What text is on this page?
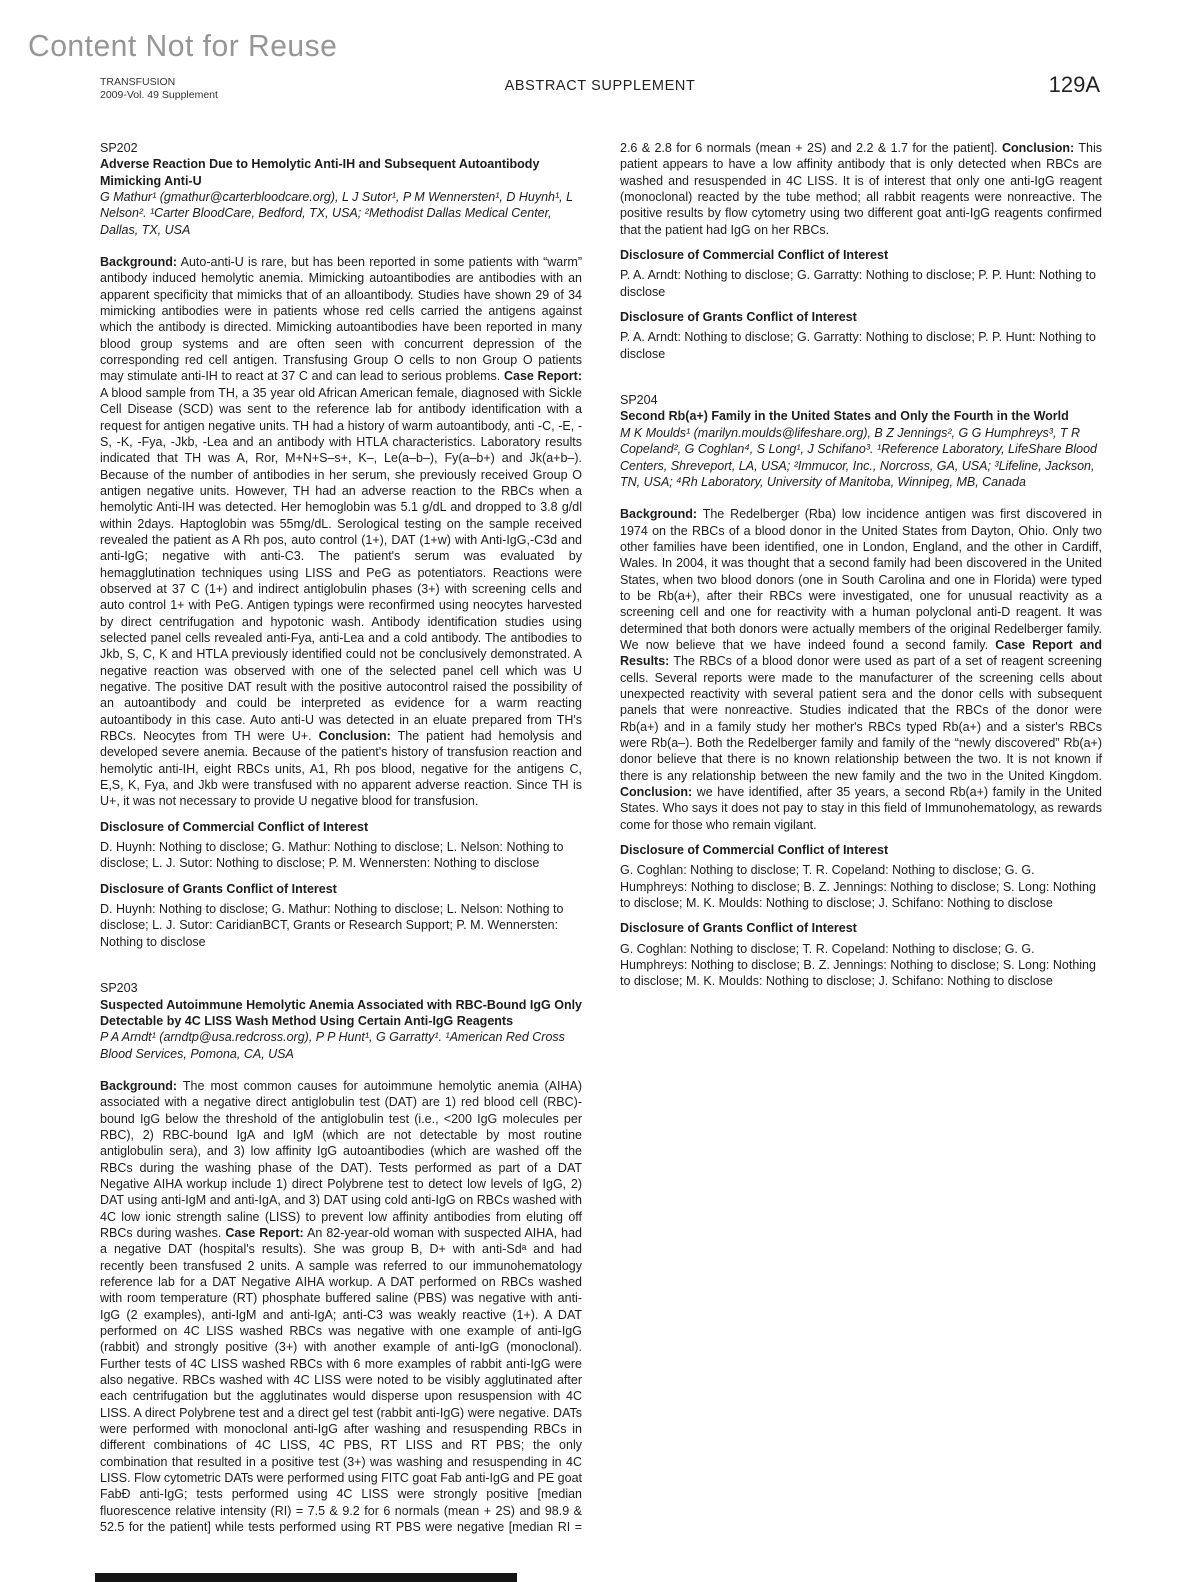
Content Not for Reuse
TRANSFUSION
2009-Vol. 49 Supplement
ABSTRACT SUPPLEMENT	129A
SP202
Adverse Reaction Due to Hemolytic Anti-IH and Subsequent Autoantibody Mimicking Anti-U

G Mathur¹ (gmathur@carterbloodcare.org), L J Sutor¹, P M Wennersten¹, D Huynh¹, L Nelson². ¹Carter BloodCare, Bedford, TX, USA; ²Methodist Dallas Medical Center, Dallas, TX, USA

Background: Auto-anti-U is rare, but has been reported in some patients with “warm” antibody induced hemolytic anemia. Mimicking autoantibodies are antibodies with an apparent specificity that mimicks that of an alloantibody. Studies have shown 29 of 34 mimicking antibodies were in patients whose red cells carried the antigens against which the antibody is directed. Mimicking autoantibodies have been reported in many blood group systems and are often seen with concurrent depression of the corresponding red cell antigen. Transfusing Group O cells to non Group O patients may stimulate anti-IH to react at 37 C and can lead to serious problems. Case Report: A blood sample from TH, a 35 year old African American female, diagnosed with Sickle Cell Disease (SCD) was sent to the reference lab for antibody identification with a request for antigen negative units. TH had a history of warm autoantibody, anti -C, -E, -S, -K, -Fya, -Jkb, -Lea and an antibody with HTLA characteristics. Laboratory results indicated that TH was A, Ror, M+N+S–s+, K–, Le(a–b–), Fy(a–b+) and Jk(a+b–). Because of the number of antibodies in her serum, she previously received Group O antigen negative units. However, TH had an adverse reaction to the RBCs when a hemolytic Anti-IH was detected. Her hemoglobin was 5.1 g/dL and dropped to 3.8 g/dl within 2days. Haptoglobin was 55mg/dL. Serological testing on the sample received revealed the patient as A Rh pos, auto control (1+), DAT (1+w) with Anti-IgG,-C3d and anti-IgG; negative with anti-C3. The patient's serum was evaluated by hemagglutination techniques using LISS and PeG as potentiators. Reactions were observed at 37 C (1+) and indirect antiglobulin phases (3+) with screening cells and auto control 1+ with PeG. Antigen typings were reconfirmed using neocytes harvested by direct centrifugation and hypotonic wash. Antibody identification studies using selected panel cells revealed anti-Fya, anti-Lea and a cold antibody. The antibodies to Jkb, S, C, K and HTLA previously identified could not be conclusively demonstrated. A negative reaction was observed with one of the selected panel cell which was U negative. The positive DAT result with the positive autocontrol raised the possibility of an autoantibody and could be interpreted as evidence for a warm reacting autoantibody in this case. Auto anti-U was detected in an eluate prepared from TH's RBCs. Neocytes from TH were U+. Conclusion: The patient had hemolysis and developed severe anemia. Because of the patient's history of transfusion reaction and hemolytic anti-IH, eight RBCs units, A1, Rh pos blood, negative for the antigens C, E,S, K, Fya, and Jkb were transfused with no apparent adverse reaction. Since TH is U+, it was not necessary to provide U negative blood for transfusion.

Disclosure of Commercial Conflict of Interest

D. Huynh: Nothing to disclose; G. Mathur: Nothing to disclose; L. Nelson: Nothing to disclose; L. J. Sutor: Nothing to disclose; P. M. Wennersten: Nothing to disclose

Disclosure of Grants Conflict of Interest

D. Huynh: Nothing to disclose; G. Mathur: Nothing to disclose; L. Nelson: Nothing to disclose; L. J. Sutor: CaridianBCT, Grants or Research Support; P. M. Wennersten: Nothing to disclose

SP203
Suspected Autoimmune Hemolytic Anemia Associated with RBC-Bound IgG Only Detectable by 4C LISS Wash Method Using Certain Anti-IgG Reagents

P A Arndt¹ (arndtp@usa.redcross.org), P P Hunt¹, G Garratty¹. ¹American Red Cross Blood Services, Pomona, CA, USA

Background: The most common causes for autoimmune hemolytic anemia (AIHA) associated with a negative direct antiglobulin test (DAT) are 1) red blood cell (RBC)-bound IgG below the threshold of the antiglobulin test (i.e., <200 IgG molecules per RBC), 2) RBC-bound IgA and IgM (which are not detectable by most routine antiglobulin sera), and 3) low affinity IgG autoantibodies (which are washed off the RBCs during the washing phase of the DAT). Tests performed as part of a DAT Negative AIHA workup include 1) direct Polybrene test to detect low levels of IgG, 2) DAT using anti-IgM and anti-IgA, and 3) DAT using cold anti-IgG on RBCs washed with 4C low ionic strength saline (LISS) to prevent low affinity antibodies from eluting off RBCs during washes. Case Report: An 82-year-old woman with suspected AIHA, had a negative DAT (hospital's results). She was group B, D+ with anti-Sdᵃ and had recently been transfused 2 units. A sample was referred to our immunohematology reference lab for a DAT Negative AIHA workup. A DAT performed on RBCs washed with room temperature (RT) phosphate buffered saline (PBS) was negative with anti-IgG (2 examples), anti-IgM and anti-IgA; anti-C3 was weakly reactive (1+). A DAT performed on 4C LISS washed RBCs was negative with one example of anti-IgG (rabbit) and strongly positive (3+) with another example of anti-IgG (monoclonal). Further tests of 4C LISS washed RBCs with 6 more examples of rabbit anti-IgG were also negative. RBCs washed with 4C LISS were noted to be visibly agglutinated after each centrifugation but the agglutinates would disperse upon resuspension with 4C LISS. A direct Polybrene test and a direct gel test (rabbit anti-IgG) were negative. DATs were performed with monoclonal anti-IgG after washing and resuspending RBCs in different combinations of 4C LISS, 4C PBS, RT LISS and RT PBS; the only combination that resulted in a positive test (3+) was washing and resuspending in 4C LISS. Flow cytometric DATs were performed using FITC goat Fab anti-IgG and PE goat FabÐ anti-IgG; tests performed using 4C LISS were strongly positive [median fluorescence relative intensity (RI) = 7.5 & 9.2 for 6 normals (mean + 2S) and 98.9 & 52.5 for the patient] while tests performed using RT PBS were negative [median RI = 2.6 & 2.8 for 6 normals (mean + 2S) and 2.2 & 1.7 for the patient]. Conclusion: This patient appears to have a low affinity antibody that is only detected when RBCs are washed and resuspended in 4C LISS. It is of interest that only one anti-IgG reagent (monoclonal) reacted by the tube method; all rabbit reagents were nonreactive. The positive results by flow cytometry using two different goat anti-IgG reagents confirmed that the patient had IgG on her RBCs.

Disclosure of Commercial Conflict of Interest

P. A. Arndt: Nothing to disclose; G. Garratty: Nothing to disclose; P. P. Hunt: Nothing to disclose

Disclosure of Grants Conflict of Interest

P. A. Arndt: Nothing to disclose; G. Garratty: Nothing to disclose; P. P. Hunt: Nothing to disclose

SP204
Second Rb(a+) Family in the United States and Only the Fourth in the World

M K Moulds¹ (marilyn.moulds@lifeshare.org), B Z Jennings², G G Humphreys³, T R Copeland², G Coghlan⁴, S Long¹, J Schifano³. ¹Reference Laboratory, LifeShare Blood Centers, Shreveport, LA, USA; ²Immucor, Inc., Norcross, GA, USA; ³Lifeline, Jackson, TN, USA; ⁴Rh Laboratory, University of Manitoba, Winnipeg, MB, Canada

Background: The Redelberger (Rba) low incidence antigen was first discovered in 1974 on the RBCs of a blood donor in the United States from Dayton, Ohio. Only two other families have been identified, one in London, England, and the other in Cardiff, Wales. In 2004, it was thought that a second family had been discovered in the United States, when two blood donors (one in South Carolina and one in Florida) were typed to be Rb(a+), after their RBCs were investigated, one for unusual reactivity as a screening cell and one for reactivity with a human polyclonal anti-D reagent. It was determined that both donors were actually members of the original Redelberger family. We now believe that we have indeed found a second family. Case Report and Results: The RBCs of a blood donor were used as part of a set of reagent screening cells. Several reports were made to the manufacturer of the screening cells about unexpected reactivity with several patient sera and the donor cells with subsequent panels that were nonreactive. Studies indicated that the RBCs of the donor were Rb(a+) and in a family study her mother's RBCs typed Rb(a+) and a sister's RBCs were Rb(a–). Both the Redelberger family and family of the “newly discovered” Rb(a+) donor believe that there is no known relationship between the two. It is not known if there is any relationship between the new family and the two in the United Kingdom. Conclusion: we have identified, after 35 years, a second Rb(a+) family in the United States. Who says it does not pay to stay in this field of Immunohematology, as rewards come for those who remain vigilant.

Disclosure of Commercial Conflict of Interest

G. Coghlan: Nothing to disclose; T. R. Copeland: Nothing to disclose; G. G. Humphreys: Nothing to disclose; B. Z. Jennings: Nothing to disclose; S. Long: Nothing to disclose; M. K. Moulds: Nothing to disclose; J. Schifano: Nothing to disclose

Disclosure of Grants Conflict of Interest

G. Coghlan: Nothing to disclose; T. R. Copeland: Nothing to disclose; G. G. Humphreys: Nothing to disclose; B. Z. Jennings: Nothing to disclose; S. Long: Nothing to disclose; M. K. Moulds: Nothing to disclose; J. Schifano: Nothing to disclose
